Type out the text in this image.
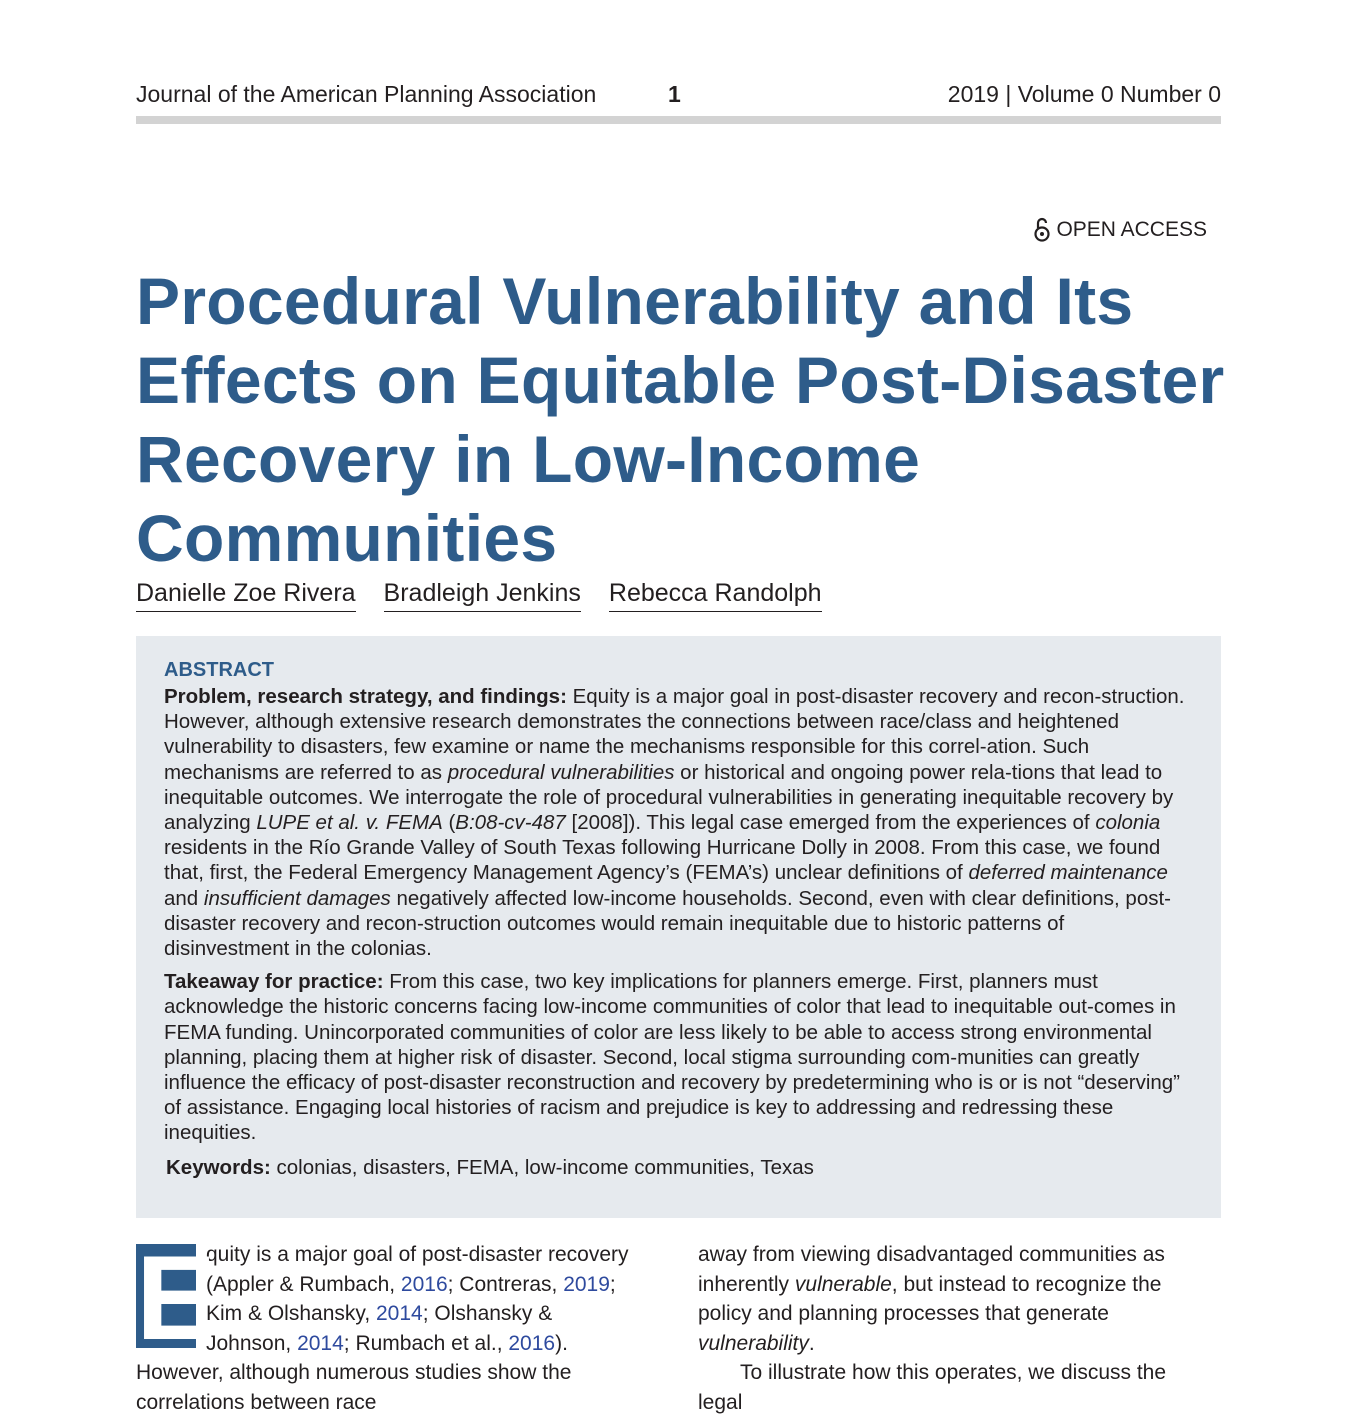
Journal of the American Planning Association	1	2019 | Volume 0 Number 0
OPEN ACCESS
Procedural Vulnerability and Its Effects on Equitable Post-Disaster Recovery in Low-Income Communities
Danielle Zoe Rivera Bradleigh Jenkins Rebecca Randolph
ABSTRACT

Problem, research strategy, and findings: Equity is a major goal in post-disaster recovery and recon-struction. However, although extensive research demonstrates the connections between race/class and heightened vulnerability to disasters, few examine or name the mechanisms responsible for this correl-ation. Such mechanisms are referred to as procedural vulnerabilities or historical and ongoing power rela-tions that lead to inequitable outcomes. We interrogate the role of procedural vulnerabilities in generating inequitable recovery by analyzing LUPE et al. v. FEMA (B:08-cv-487 [2008]). This legal case emerged from the experiences of colonia residents in the Río Grande Valley of South Texas following Hurricane Dolly in 2008. From this case, we found that, first, the Federal Emergency Management Agency’s (FEMA’s) unclear definitions of deferred maintenance and insufficient damages negatively affected low-income households. Second, even with clear definitions, post-disaster recovery and recon-struction outcomes would remain inequitable due to historic patterns of disinvestment in the colonias.

Takeaway for practice: From this case, two key implications for planners emerge. First, planners must acknowledge the historic concerns facing low-income communities of color that lead to inequitable out-comes in FEMA funding. Unincorporated communities of color are less likely to be able to access strong environmental planning, placing them at higher risk of disaster. Second, local stigma surrounding com-munities can greatly influence the efficacy of post-disaster reconstruction and recovery by predetermining who is or is not “deserving” of assistance. Engaging local histories of racism and prejudice is key to addressing and redressing these inequities.

Keywords: colonias, disasters, FEMA, low-income communities, Texas

E

quity is a major goal of post-disaster recovery (Appler & Rumbach, 2016; Contreras, 2019; Kim & Olshansky, 2014; Olshansky & Johnson, 2014; Rumbach et al., 2016). However, although numerous studies show the correlations between race

away from viewing disadvantaged communities as inherently vulnerable, but instead to recognize the policy and planning processes that generate vulnerability.

To illustrate how this operates, we discuss the legal
